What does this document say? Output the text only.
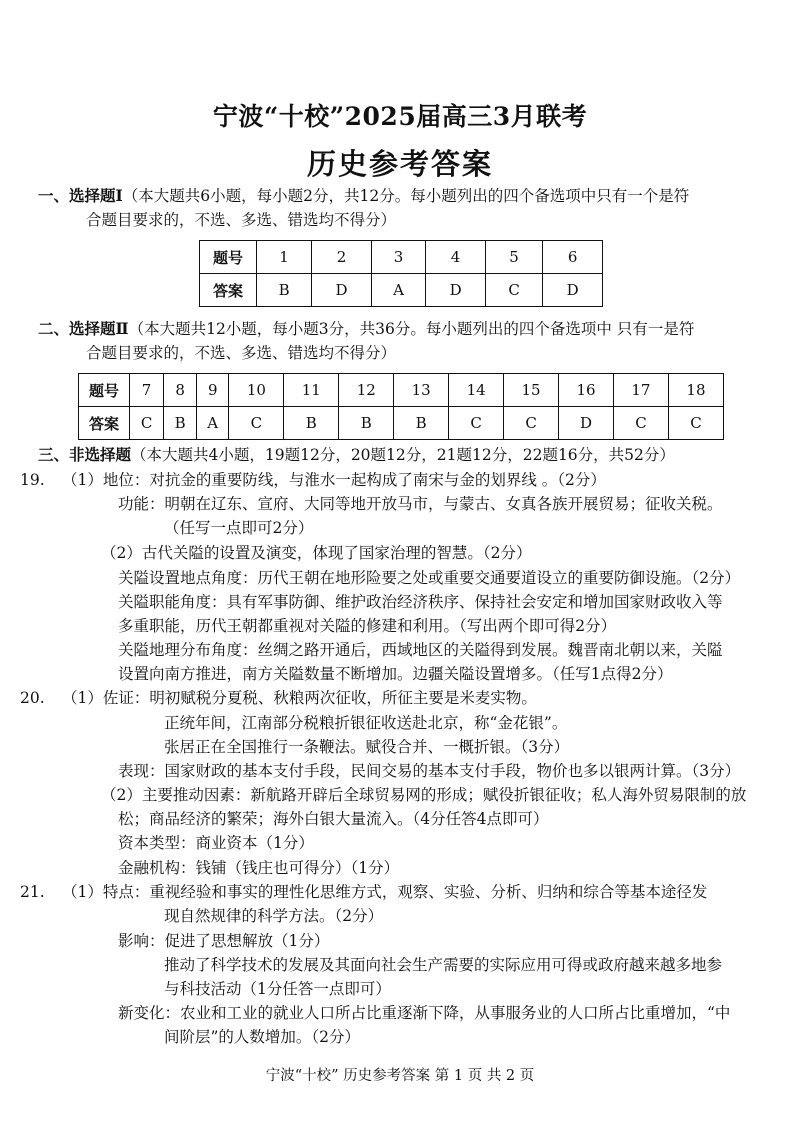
宁波“十校”2025届高三3月联考
历史参考答案
一、选择题Ⅰ（本大题共6小题，每小题2分，共12分。每小题列出的四个备选项中只有一个是符
合题目要求的，不选、多选、错选均不得分）
题号	1	2	3	4	5	6
答案	B	D	A	D	C	D
二、选择题Ⅱ（本大题共12小题，每小题3分，共36分。每小题列出的四个备选项中 只有一是符
合题目要求的，不选、多选、错选均不得分）
题号	7	8	9	10	11	12	13	14	15	16	17	18
答案	C	B	A	C	B	B	B	C	C	D	C	C
三、非选择题（本大题共4小题，19题12分，20题12分，21题12分，22题16分，共52分）
19. （1）地位：对抗金的重要防线，与淮水一起构成了南宋与金的划界线 。（2分）
功能：明朝在辽东、宣府、大同等地开放马市，与蒙古、女真各族开展贸易；征收关税。
（任写一点即可2分）
（2）古代关隘的设置及演变，体现了国家治理的智慧。（2分）
关隘设置地点角度：历代王朝在地形险要之处或重要交通要道设立的重要防御设施。（2分）
关隘职能角度：具有军事防御、维护政治经济秩序、保持社会安定和增加国家财政收入等
多重职能，历代王朝都重视对关隘的修建和利用。（写出两个即可得2分）
关隘地理分布角度：丝绸之路开通后，西域地区的关隘得到发展。魏晋南北朝以来，关隘
设置向南方推进，南方关隘数量不断增加。边疆关隘设置增多。（任写1点得2分）
20. （1）佐证：明初赋税分夏税、秋粮两次征收，所征主要是米麦实物。
正统年间，江南部分税粮折银征收送赴北京，称“金花银”。
张居正在全国推行一条鞭法。赋役合并、一概折银。（3分）
表现：国家财政的基本支付手段，民间交易的基本支付手段，物价也多以银两计算。（3分）
（2）主要推动因素：新航路开辟后全球贸易网的形成；赋役折银征收；私人海外贸易限制的放
松；商品经济的繁荣；海外白银大量流入。（4分任答4点即可）
资本类型：商业资本（1分）
金融机构：钱铺（钱庄也可得分）（1分）
21. （1）特点：重视经验和事实的理性化思维方式，观察、实验、分析、归纳和综合等基本途径发
现自然规律的科学方法。（2分）
影响：促进了思想解放（1分）
推动了科学技术的发展及其面向社会生产需要的实际应用可得或政府越来越多地参
与科技活动（1分任答一点即可）
新变化：农业和工业的就业人口所占比重逐渐下降，从事服务业的人口所占比重增加，“中
间阶层”的人数增加。（2分）
宁波“十校” 历史参考答案 第 1 页 共 2 页
